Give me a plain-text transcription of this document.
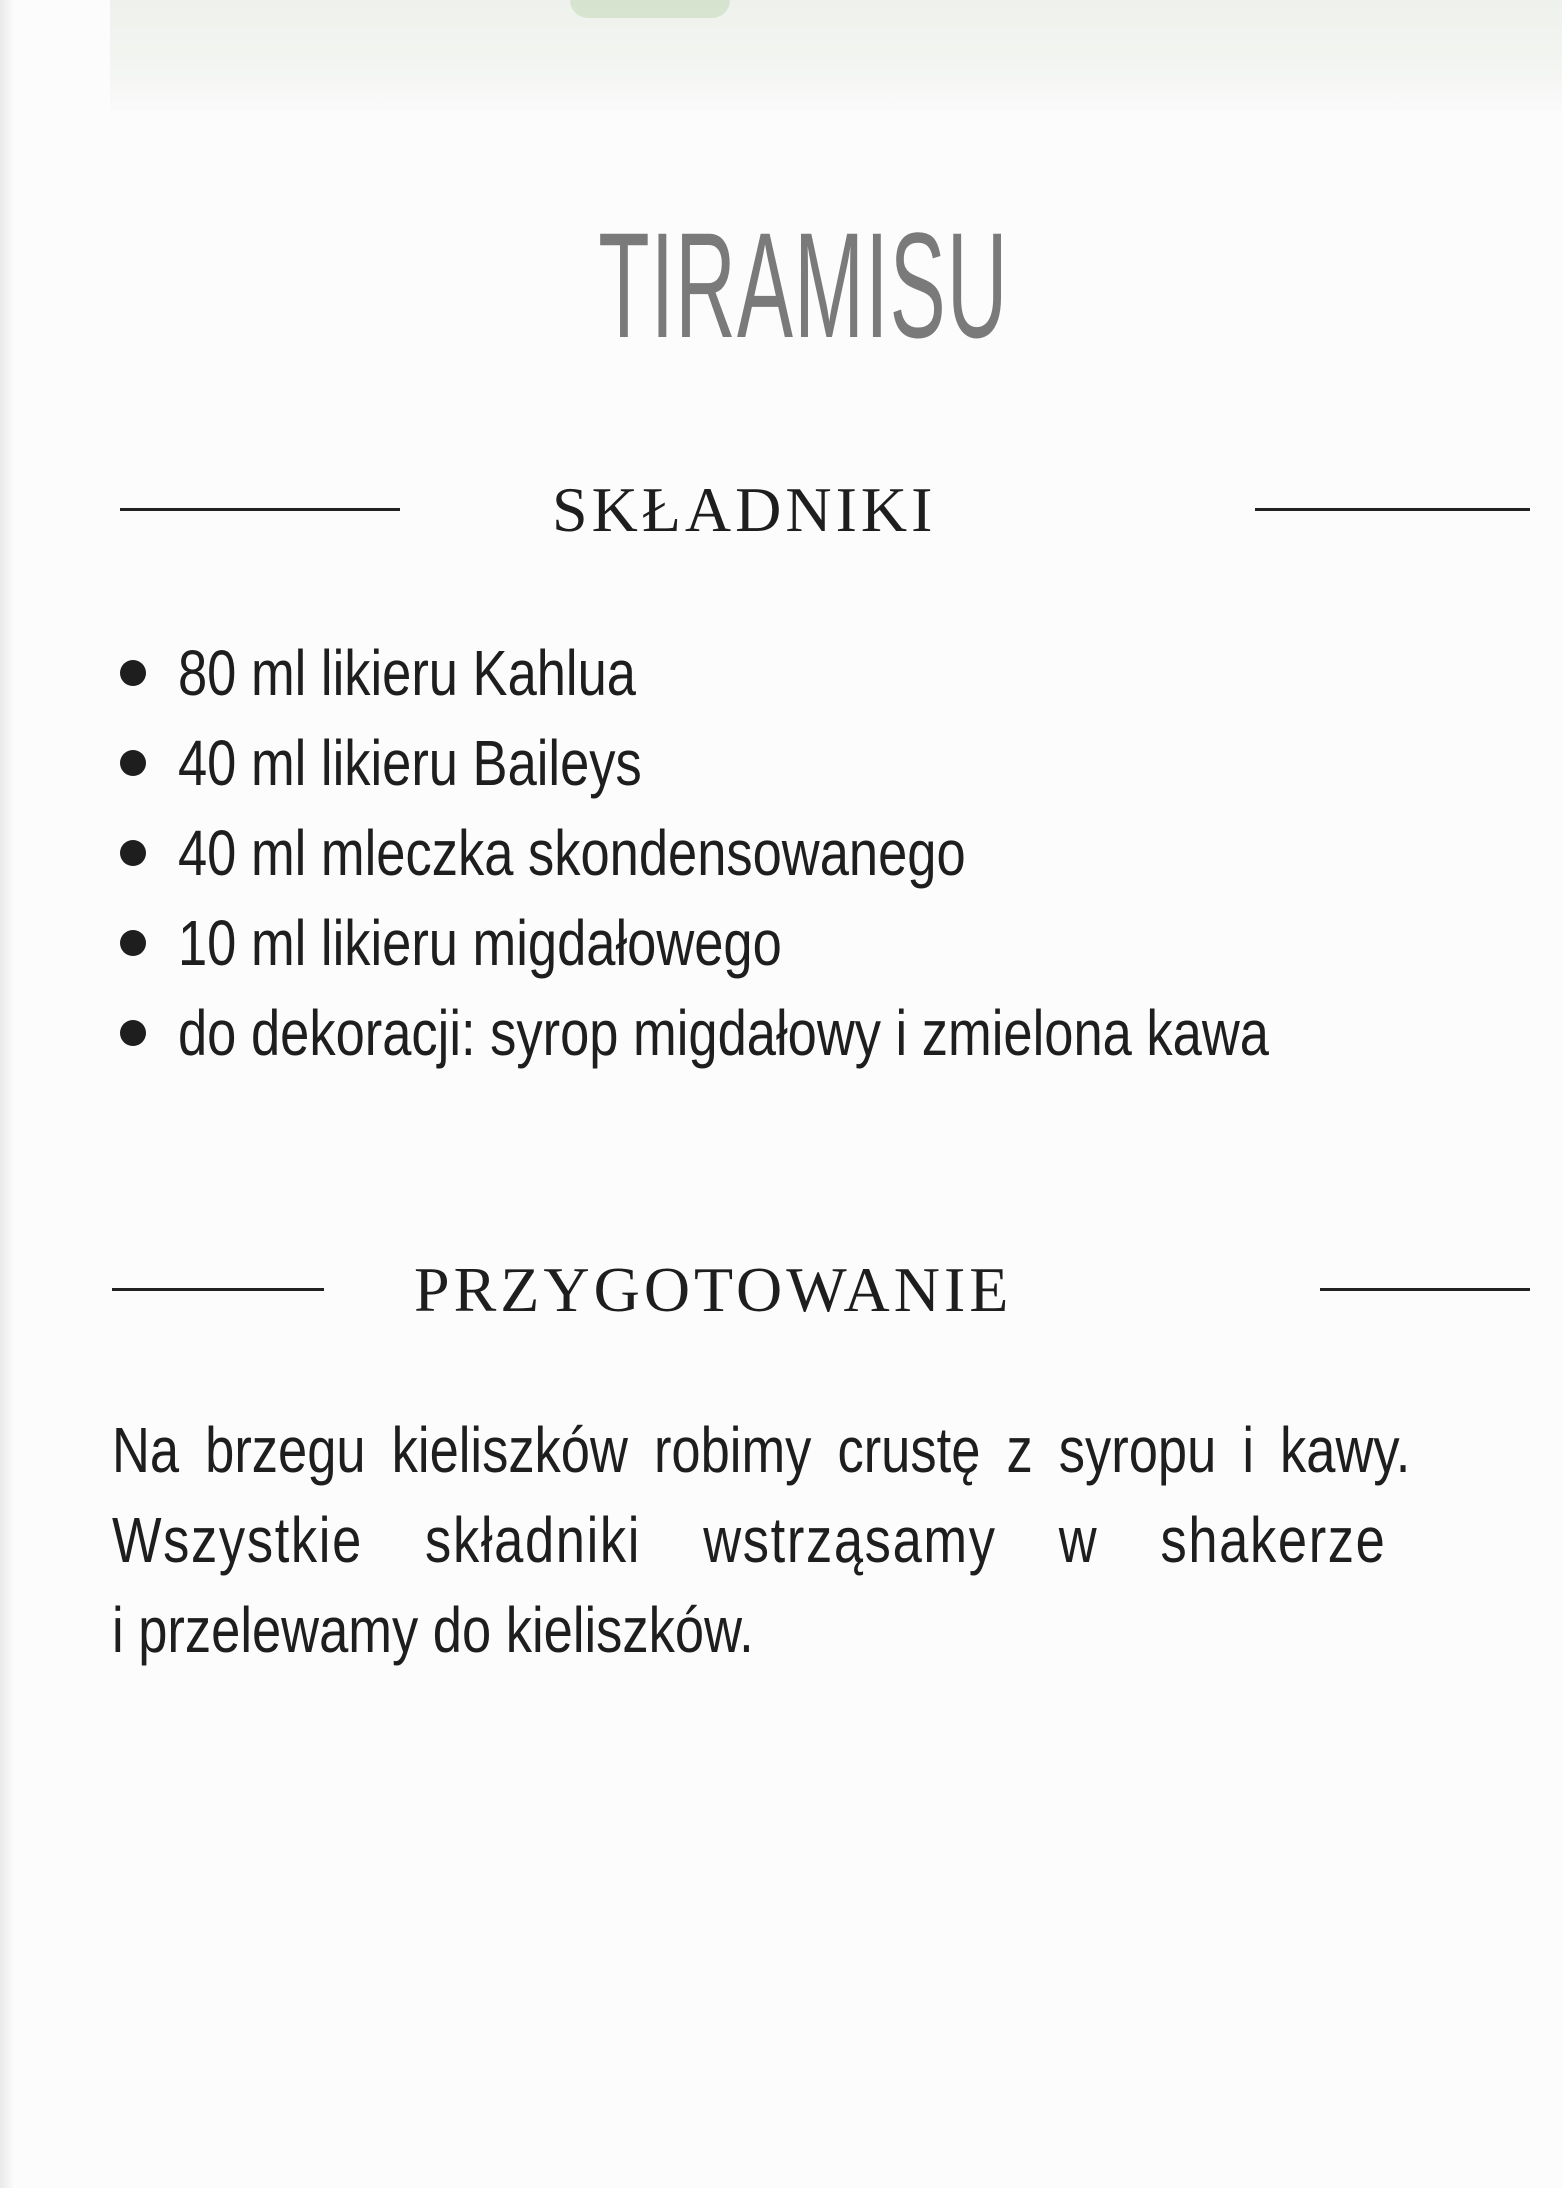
TIRAMISU
SKŁADNIKI
80 ml likieru Kahlua
40 ml likieru Baileys
40 ml mleczka skondensowanego
10 ml likieru migdałowego
do dekoracji: syrop migdałowy i zmielona kawa
PRZYGOTOWANIE
Na brzegu kieliszków robimy crustę z syropu i kawy.
Wszystkie składniki wstrząsamy w shakerze
i przelewamy do kieliszków.
